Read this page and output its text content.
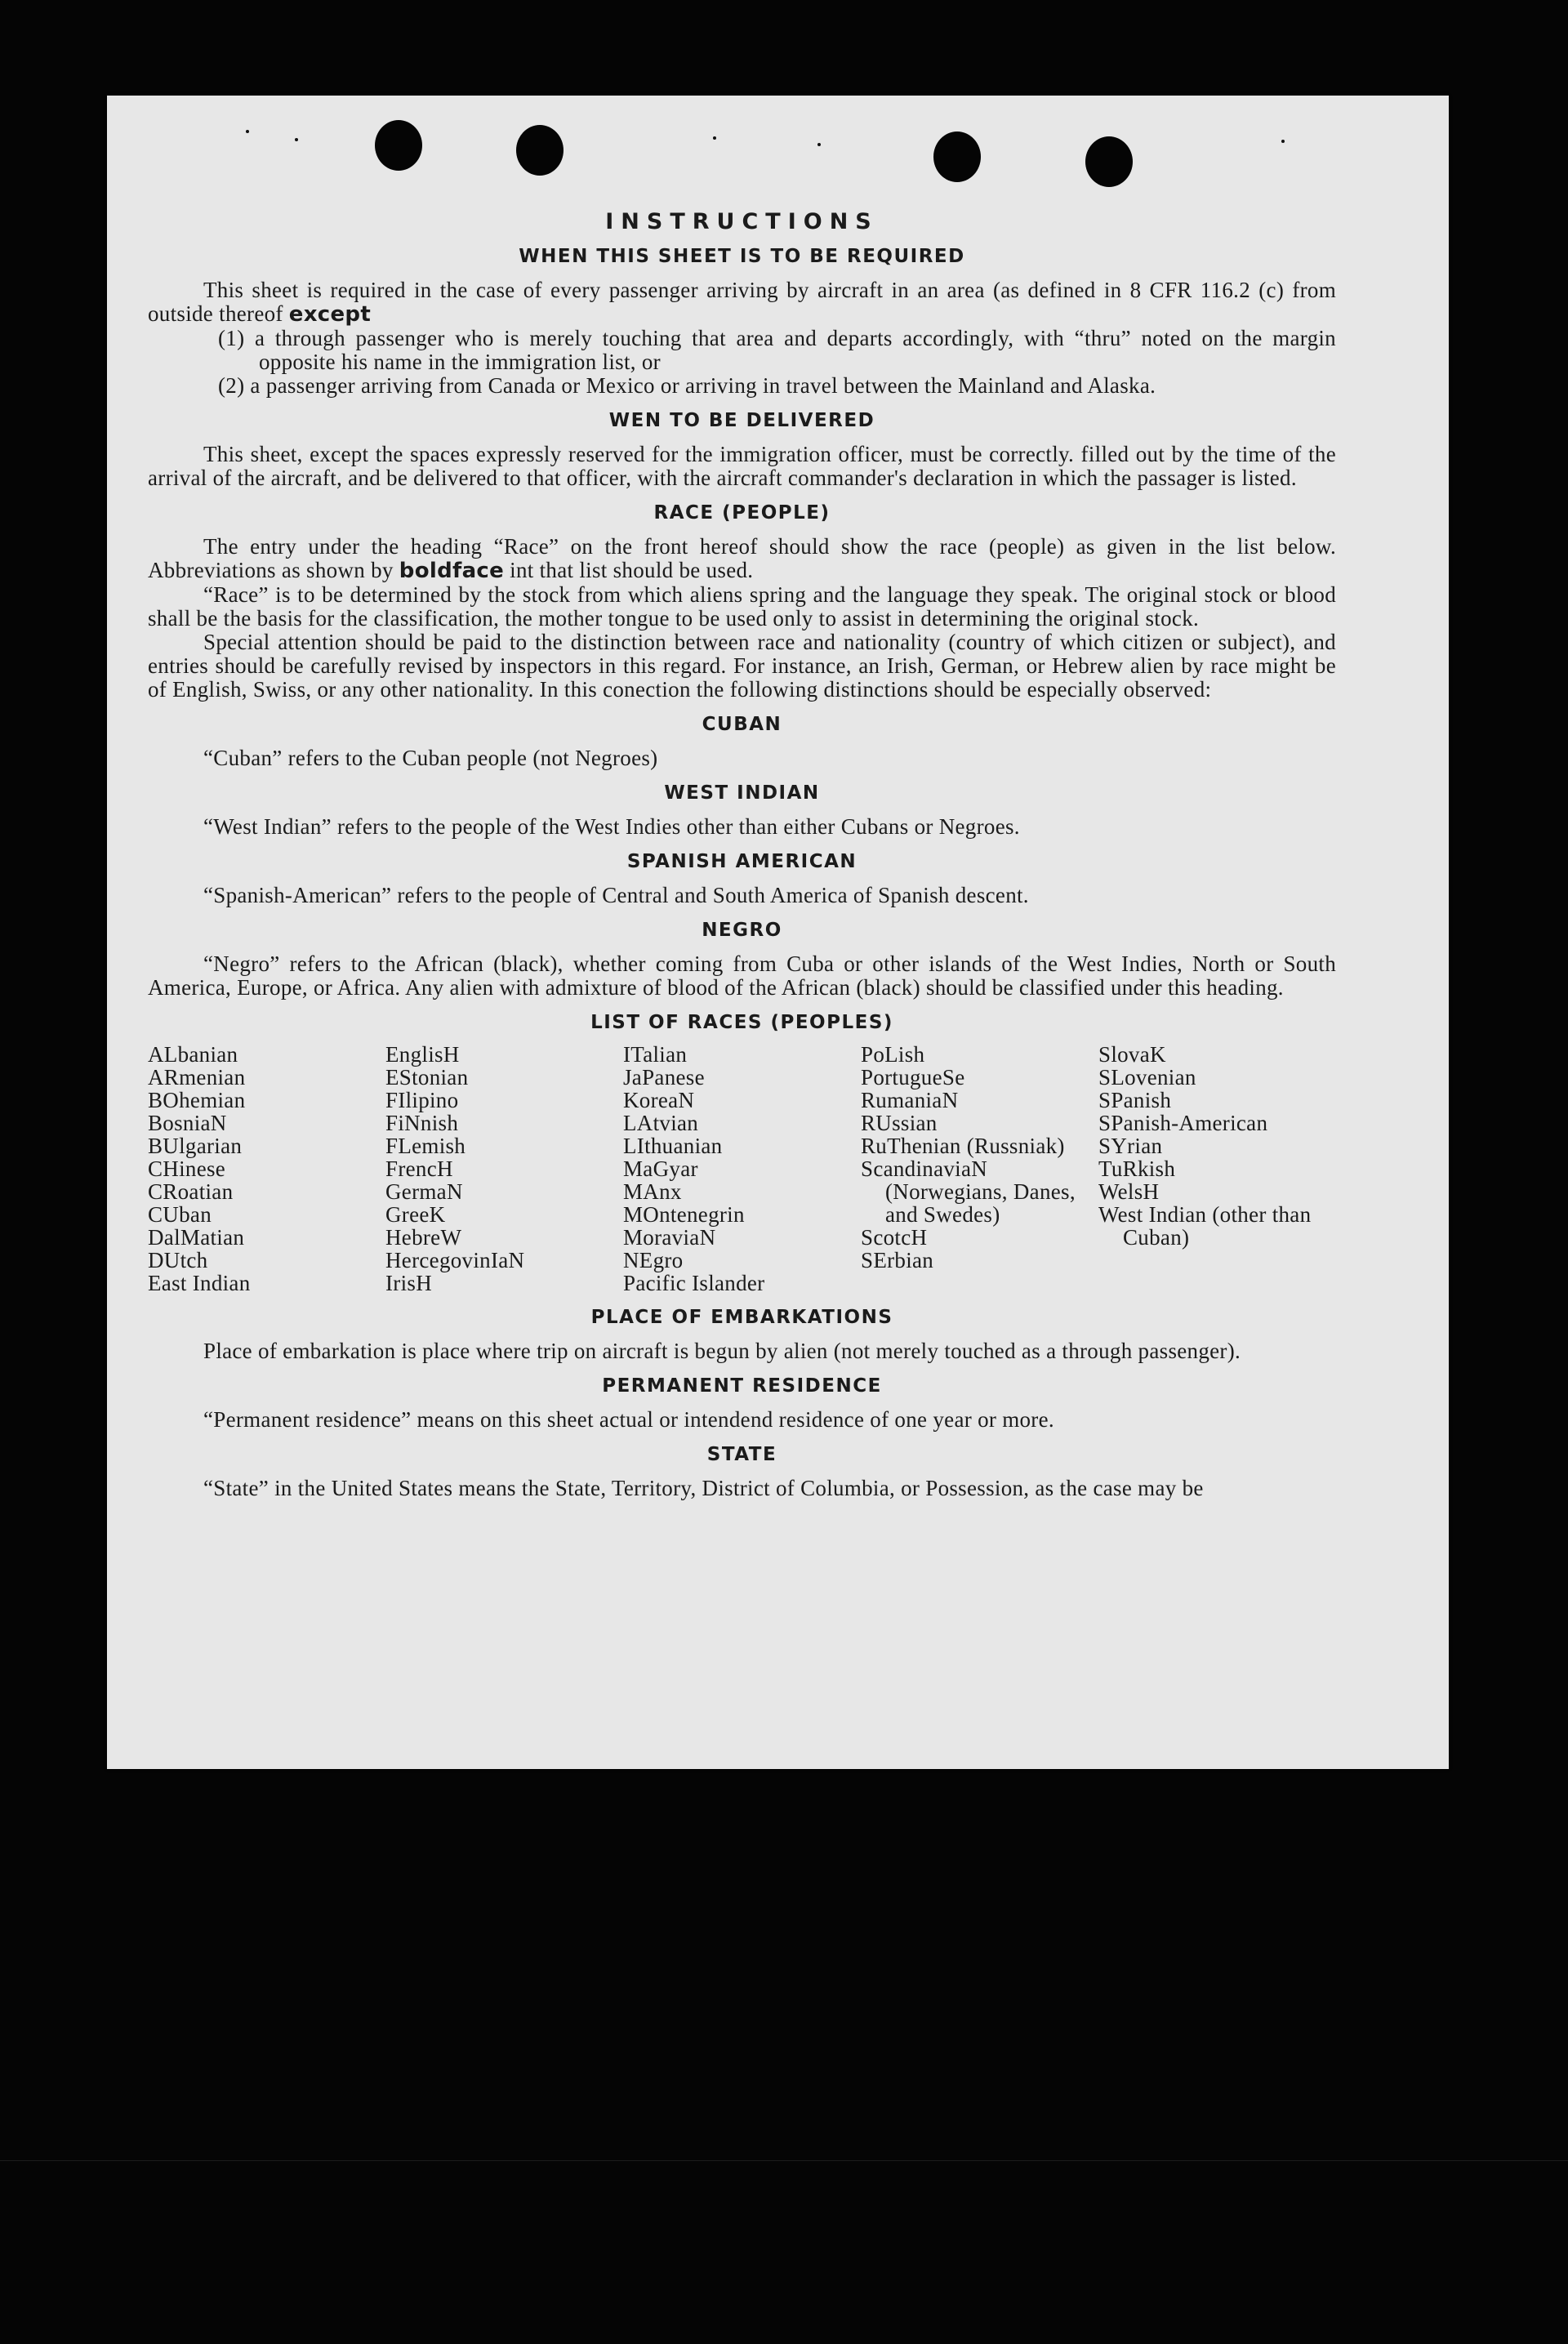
INSTRUCTIONS
WHEN THIS SHEET IS TO BE REQUIRED

This sheet is required in the case of every passenger arriving by aircraft in an area (as defined in 8 CFR 116.2 (c) from outside thereof except

(1) a through passenger who is merely touching that area and departs accordingly, with “thru” noted on the margin opposite his name in the immigration list, or

(2) a passenger arriving from Canada or Mexico or arriving in travel between the Mainland and Alaska.

WEN TO BE DELIVERED

This sheet, except the spaces expressly reserved for the immigration officer, must be correctly. filled out by the time of the arrival of the aircraft, and be delivered to that officer, with the aircraft commander's declaration in which the passager is listed.

RACE (PEOPLE)

The entry under the heading “Race” on the front hereof should show the race (people) as given in the list below. Abbreviations as shown by boldface int that list should be used.

“Race” is to be determined by the stock from which aliens spring and the language they speak. The original stock or blood shall be the basis for the classification, the mother tongue to be used only to assist in determining the original stock.

Special attention should be paid to the distinction between race and nationality (country of which citizen or subject), and entries should be carefully revised by inspectors in this regard. For instance, an Irish, German, or Hebrew alien by race might be of English, Swiss, or any other nationality. In this conection the following distinctions should be especially observed:

CUBAN

“Cuban” refers to the Cuban people (not Negroes)

WEST INDIAN

“West Indian” refers to the people of the West Indies other than either Cubans or Negroes.

SPANISH AMERICAN

“Spanish-American” refers to the people of Central and South America of Spanish descent.

NEGRO

“Negro” refers to the African (black), whether coming from Cuba or other islands of the West Indies, North or South America, Europe, or Africa. Any alien with admixture of blood of the African (black) should be classified under this heading.

LIST OF RACES (PEOPLES)
ALbanian
ARmenian
BOhemian
BosniaN
BUlgarian
CHinese
CRoatian
CUban
DalMatian
DUtch
East Indian
EnglisH
EStonian
FIlipino
FiNnish
FLemish
FrencH
GermaN
GreeK
HebreW
HercegovinIaN
IrisH
ITalian
JaPanese
KoreaN
LAtvian
LIthuanian
MaGyar
MAnx
MOntenegrin
MoraviaN
NEgro
Pacific Islander
PoLish
PortugueSe
RumaniaN
RUssian
RuThenian (Russniak)
ScandinaviaN (Norwegians, Danes, and Swedes)
ScotcH
SErbian
SlovaK
SLovenian
SPanish
SPanish-American
SYrian
TuRkish
WelsH
West Indian (other than Cuban)
PLACE OF EMBARKATIONS

Place of embarkation is place where trip on aircraft is begun by alien (not merely touched as a through passenger).

PERMANENT RESIDENCE

“Permanent residence” means on this sheet actual or intendend residence of one year or more.

STATE

“State” in the United States means the State, Territory, District of Columbia, or Possession, as the case may be
